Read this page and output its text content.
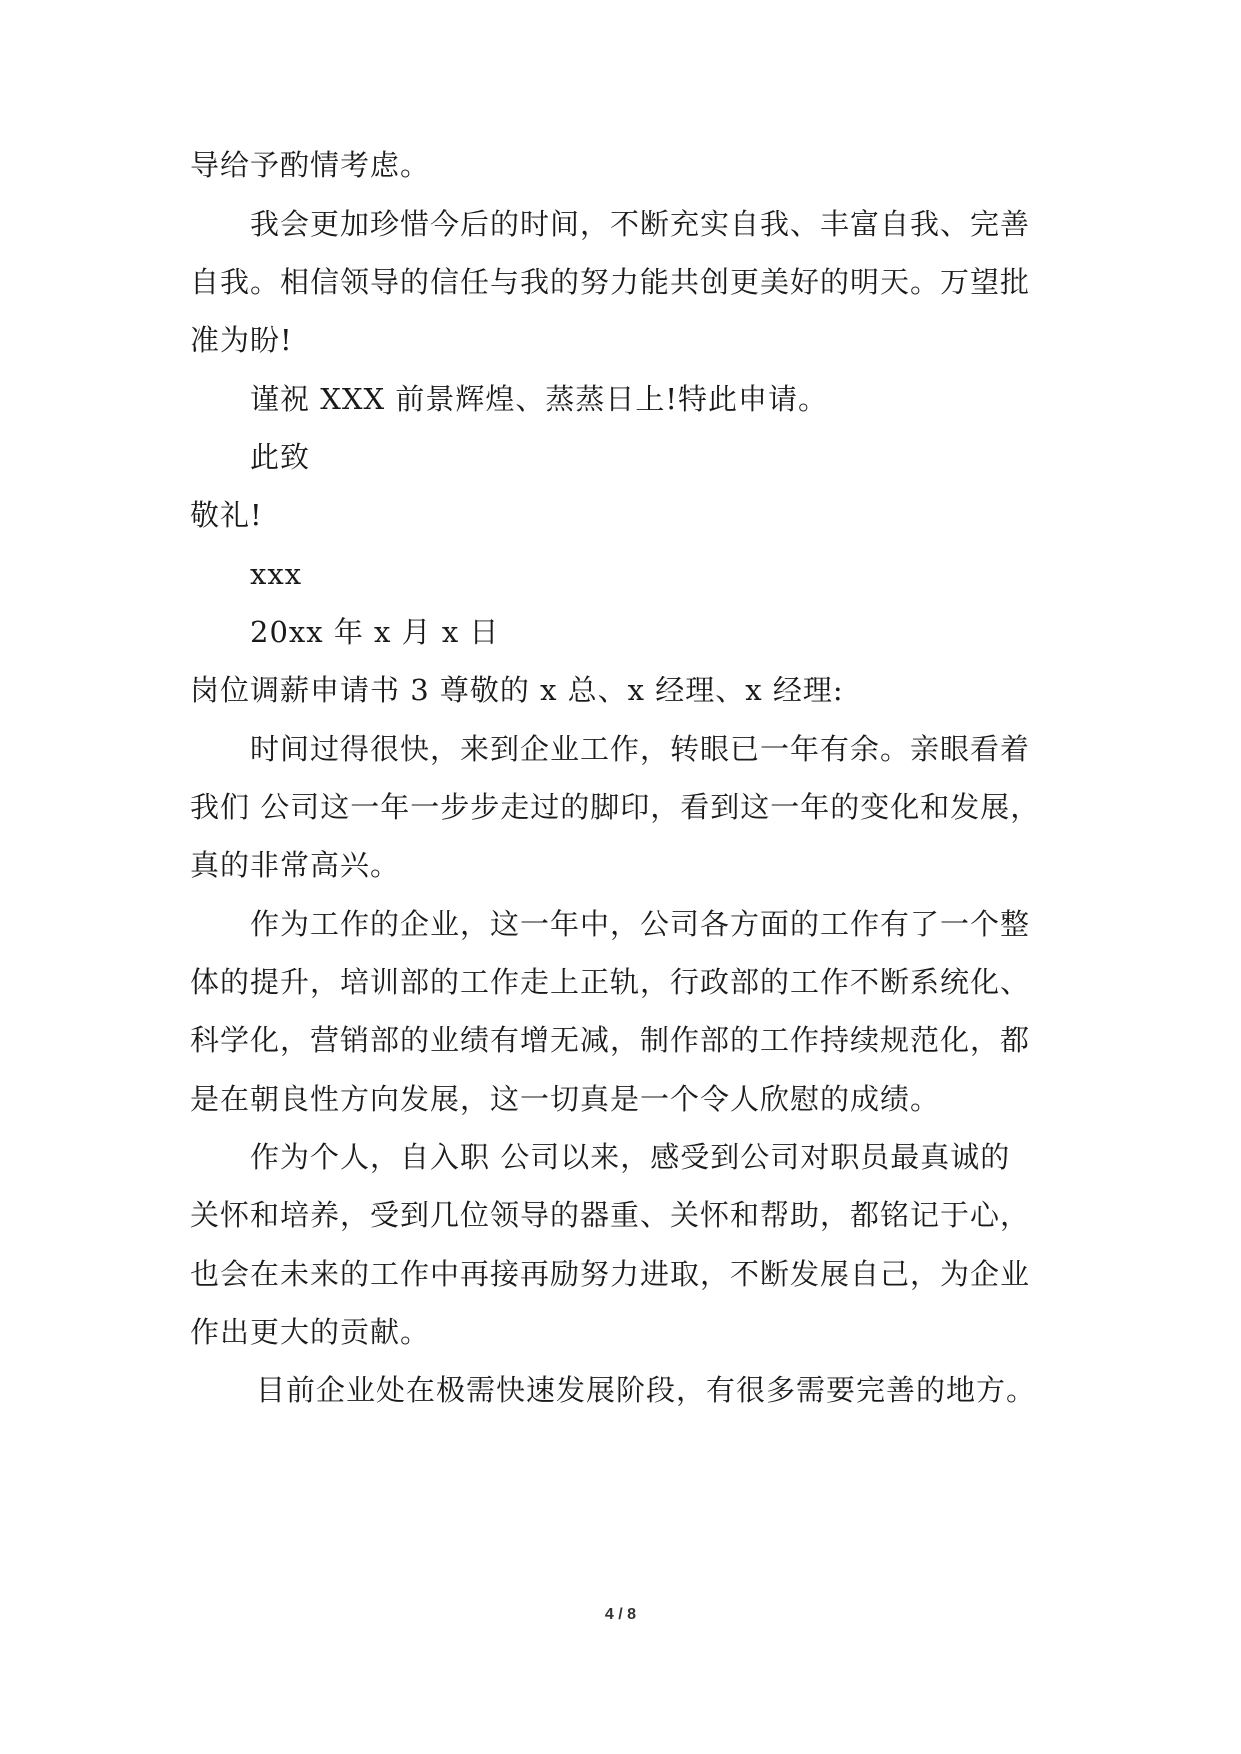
导给予酌情考虑。
我会更加珍惜今后的时间，不断充实自我、丰富自我、完善
自我。相信领导的信任与我的努力能共创更美好的明天。万望批
准为盼!
谨祝 XXX 前景辉煌、蒸蒸日上!特此申请。
此致
敬礼!
xxx
20xx 年 x 月 x 日
岗位调薪申请书 3 尊敬的 x 总、x 经理、x 经理:
时间过得很快，来到企业工作，转眼已一年有余。亲眼看着
我们 公司这一年一步步走过的脚印，看到这一年的变化和发展，
真的非常高兴。
作为工作的企业，这一年中，公司各方面的工作有了一个整
体的提升，培训部的工作走上正轨，行政部的工作不断系统化、
科学化，营销部的业绩有增无减，制作部的工作持续规范化，都
是在朝良性方向发展，这一切真是一个令人欣慰的成绩。
作为个人，自入职 公司以来，感受到公司对职员最真诚的
关怀和培养，受到几位领导的器重、关怀和帮助，都铭记于心，
也会在未来的工作中再接再励努力进取，不断发展自己，为企业
作出更大的贡献。
目前企业处在极需快速发展阶段，有很多需要完善的地方。
4 / 8
